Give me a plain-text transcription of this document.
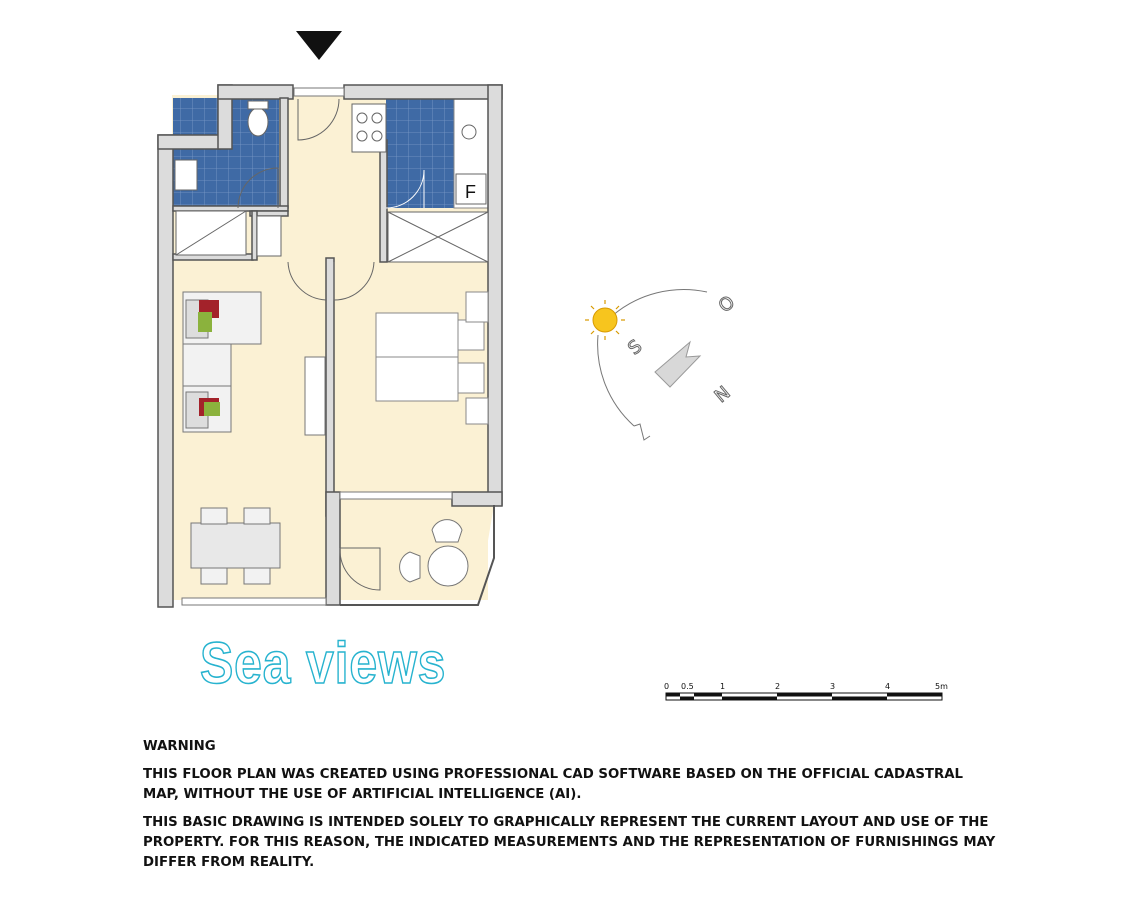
F
O
S
N
0 0.5	1	2	3	4	5m
Sea views

WARNING

THIS FLOOR PLAN WAS CREATED USING PROFESSIONAL CAD SOFTWARE BASED ON THE OFFICIAL CADASTRAL MAP, WITHOUT THE USE OF ARTIFICIAL INTELLIGENCE (AI).

THIS BASIC DRAWING IS INTENDED SOLELY TO GRAPHICALLY REPRESENT THE CURRENT LAYOUT AND USE OF THE PROPERTY. FOR THIS REASON, THE INDICATED MEASUREMENTS AND THE REPRESENTATION OF FURNISHINGS MAY DIFFER FROM REALITY.
